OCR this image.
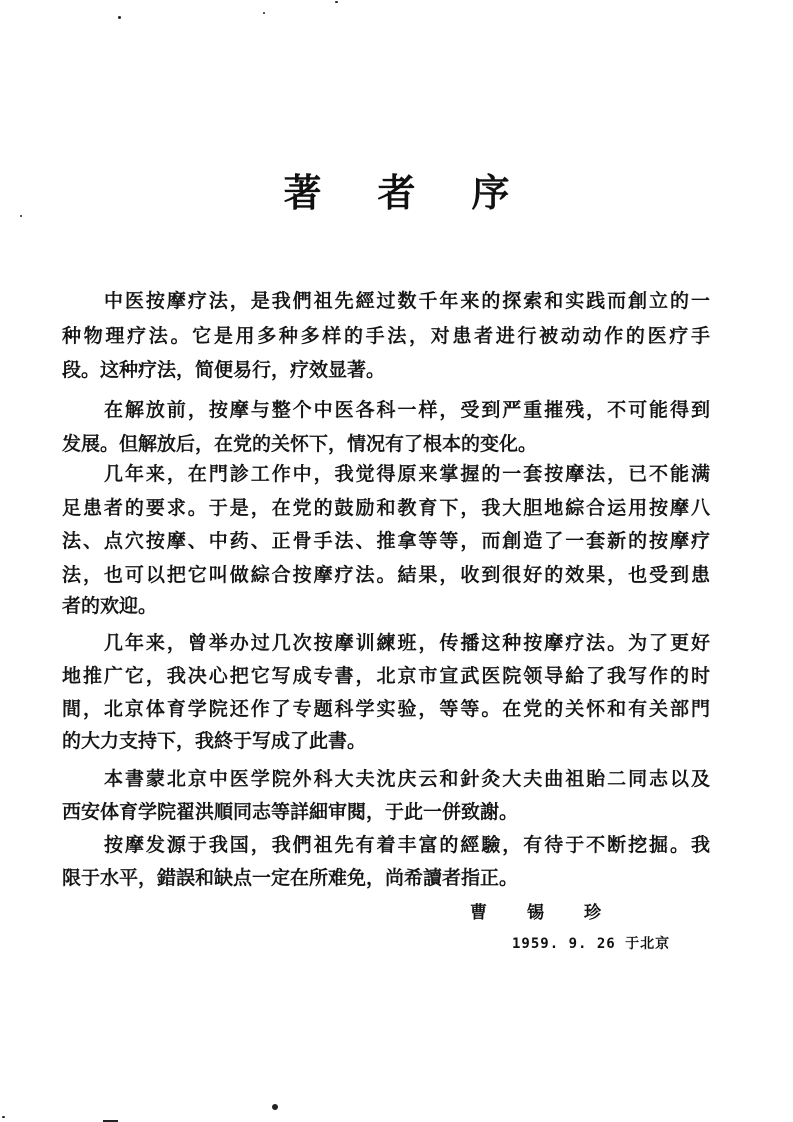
著 者 序
中医按摩疗法，是我們祖先經过数千年来的探索和实践而創立的一
种物理疗法。它是用多种多样的手法，对患者进行被动动作的医疗手
段。这种疗法，简便易行，疗效显著。
在解放前，按摩与整个中医各科一样，受到严重摧残，不可能得到
发展。但解放后，在党的关怀下，情况有了根本的变化。
几年来，在門診工作中，我觉得原来掌握的一套按摩法，已不能满
足患者的要求。于是，在党的鼓励和教育下，我大胆地綜合运用按摩八
法、点穴按摩、中药、正骨手法、推拿等等，而創造了一套新的按摩疗
法，也可以把它叫做綜合按摩疗法。結果，收到很好的效果，也受到患
者的欢迎。
几年来，曾举办过几次按摩训練班，传播这种按摩疗法。为了更好
地推广它，我决心把它写成专書，北京市宣武医院领导給了我写作的时
間，北京体育学院还作了专题科学实验，等等。在党的关怀和有关部門
的大力支持下，我終于写成了此書。
本書蒙北京中医学院外科大夫沈庆云和針灸大夫曲祖貽二同志以及
西安体育学院翟洪順同志等詳細审閱，于此一併致謝。
按摩发源于我国，我們祖先有着丰富的經驗，有待于不断挖掘。我
限于水平，錯誤和缺点一定在所难免，尚希讀者指正。
曹 锡 珍
1959. 9. 26 于北京
